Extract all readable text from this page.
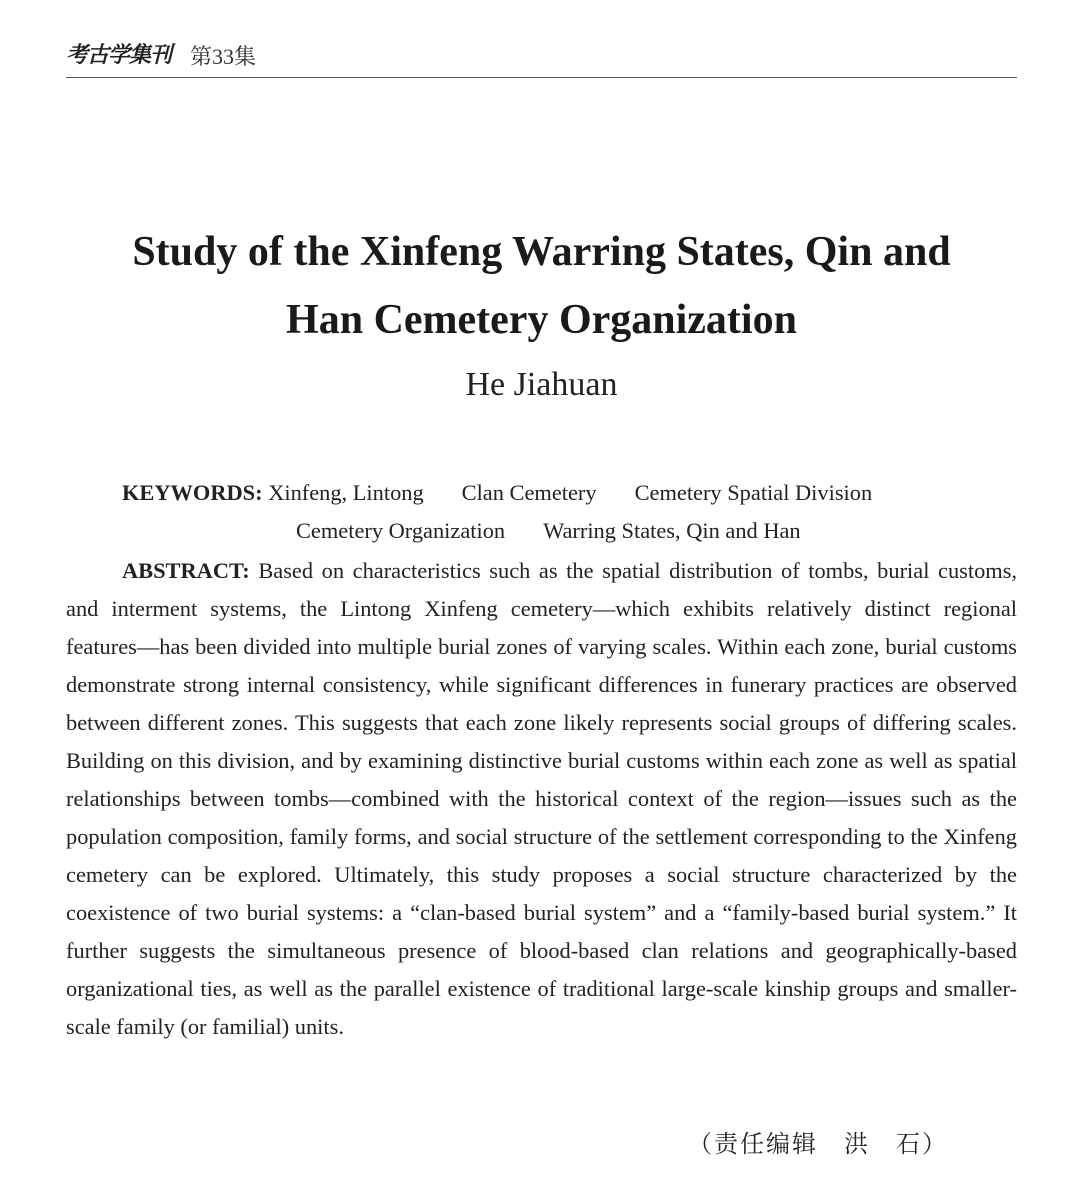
考古学集刊 第33集
Study of the Xinfeng Warring States, Qin and
Han Cemetery Organization
He Jiahuan
KEYWORDS: Xinfeng, Lintong Clan Cemetery Cemetery Spatial Division
Cemetery Organization Warring States, Qin and Han

ABSTRACT: Based on characteristics such as the spatial distribution of tombs, burial customs, and interment systems, the Lintong Xinfeng cemetery—which exhibits relatively distinct regional features—has been divided into multiple burial zones of varying scales. Within each zone, burial customs demonstrate strong internal consistency, while significant differences in funerary practices are observed between different zones. This suggests that each zone likely represents social groups of differing scales. Building on this division, and by examining distinctive burial customs within each zone as well as spatial relationships between tombs—combined with the historical context of the region—issues such as the population composition, family forms, and social structure of the settlement corresponding to the Xinfeng cemetery can be explored. Ultimately, this study proposes a social structure characterized by the coexistence of two burial systems: a “clan-based burial system” and a “family-based burial system.” It further suggests the simultaneous presence of blood-based clan relations and geographically-based organizational ties, as well as the parallel existence of traditional large-scale kinship groups and smaller-scale family (or familial) units.

（责任编辑　洪　石）
